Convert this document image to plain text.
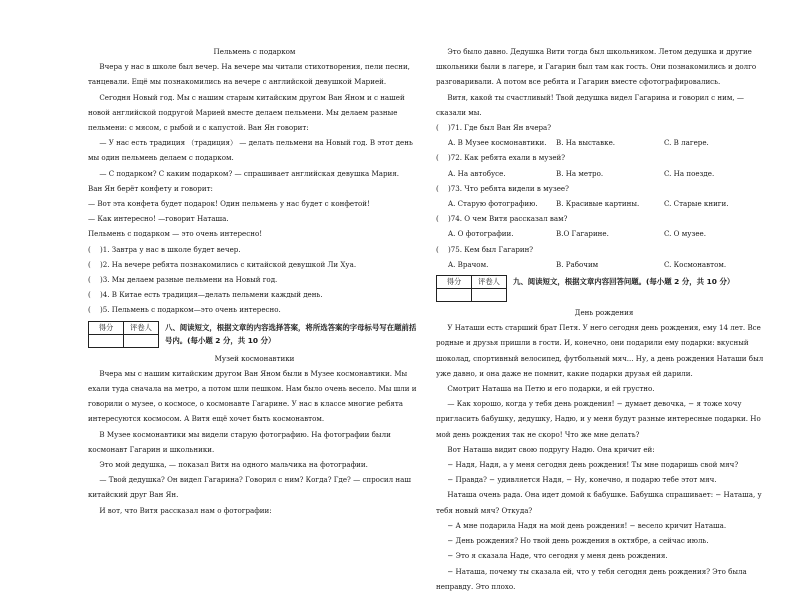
Пельмень с подарком

Вчера у нас в школе был вечер. На вечере мы читали стихотворения, пели песни, танцевали. Ещё мы познакомились на вечере с английской девушкой Марией.

Сегодня Новый год. Мы с нашим старым китайским другом Ван Яном и с нашей новой английской подругой Марией вместе делаем пельмени. Мы делаем разные пельмени: с мясом, с рыбой и с капустой. Ван Ян говорит:

— У нас есть традиция （традиция） — делать пельмени на Новый год. В этот день мы один пельмень делаем с подарком.

— С подарком? С каким подарком? — спрашивает английская девушка Мария.

Ван Ян берёт конфету и говорит:

— Вот эта конфета будет подарок! Один пельмень у нас будет с конфетой!

— Как интересно! —говорит Наташа.

Пельмень с подарком — это очень интересно!

(	)1. Завтра у нас в школе будет вечер.
(	)2. На вечере ребята познакомились с китайской девушкой Ли Хуа.
(	)3. Мы делаем разные пельмени на Новый год.
(	)4. В Китае есть традиция—делать пельмени каждый день.
(	)5. Пельмень с подарком—это очень интересно.
得分	评卷人
	八、阅读短文，根据文章的内容选择答案，将所选答案的字母标号写在题前括号内。(每小题 2 分，共 10 分）

Музей космонавтики

Вчера мы с нашим китайским другом Ван Яном были в Музее космонавтики. Мы ехали туда сначала на метро, а потом шли пешком. Нам было очень весело. Мы шли и говорили о музее, о космосе, о космонавте Гагарине. У нас в классе многие ребята интересуются космосом. А Витя ещё хочет быть космонавтом.

В Музее космонавтики мы видели старую фотографию. На фотографии были космонавт Гагарин и школьники.

Это мой дедушка, — показал Витя на одного мальчика на фотографии.

— Твой дедушка? Он видел Гагарина? Говорил с ним? Когда? Где? — спросил наш китайский друг Ван Ян.

И вот, что Витя рассказал нам о фотографии:

Это было давно. Дедушка Вити тогда был школьником. Летом дедушка и другие школьники были в лагере, и Гагарин был там как гость. Они познакомились и долго разговаривали. А потом все ребята и Гагарин вместе сфотографировались.

Витя, какой ты счастливый! Твой дедушка видел Гагарина и говорил с ним, — сказали мы.

(	)71. Где был Ван Ян вчера?
A. В Музее космонавтики.	B. На выставке.	C. В лагере.
(	)72. Как ребята ехали в музей?
A. На автобусе.	B. На метро.	C. На поезде.
(	)73. Что ребята видели в музее?
A. Старую фотографию.	B. Красивые картины.	C. Старые книги.
(	)74. О чем Витя рассказал вам?
A. О фотографии.	B.О Гагарине.	C. О музее.
(	)75. Кем был Гагарин?
A. Врачом.	B. Рабочим	C. Космонавтом.
得分	评卷人
	九、阅读短文，根据文章内容回答问题。(每小题 2 分，共 10 分）

День рождения

У Наташи есть старший брат Петя. У него сегодня день рождения, ему 14 лет. Все родные и друзья пришли в гости. И, конечно, они подарили ему подарки: вкусный шоколад, спортивный велосипед, футбольный мяч... Ну, а день рождения Наташи был уже давно, и она даже не помнит, какие подарки друзья ей дарили.

Смотрит Наташа на Петю и его подарки, и ей грустно.

— Как хорошо, когда у тебя день рождения! − думает девочка, − я тоже хочу пригласить бабушку, дедушку, Надю, и у меня будут разные интересные подарки. Но мой день рождения так не скоро! Что же мне делать?

Вот Наташа видит свою подругу Надю. Она кричит ей:

− Надя, Надя, а у меня сегодня день рождения! Ты мне подаришь свой мяч?

− Правда? − удивляется Надя, − Ну, конечно, я подарю тебе этот мяч.

Наташа очень рада. Она идет домой к бабушке. Бабушка спрашивает: − Наташа, у тебя новый мяч? Откуда?

− А мне подарила Надя на мой день рождения! − весело кричит Наташа.

− День рождения? Но твой день рождения в октябре, а сейчас июль.

− Это я сказала Наде, что сегодня у меня день рождения.

− Наташа, почему ты сказала ей, что у тебя сегодня день рождения? Это была неправду. Это плохо.
